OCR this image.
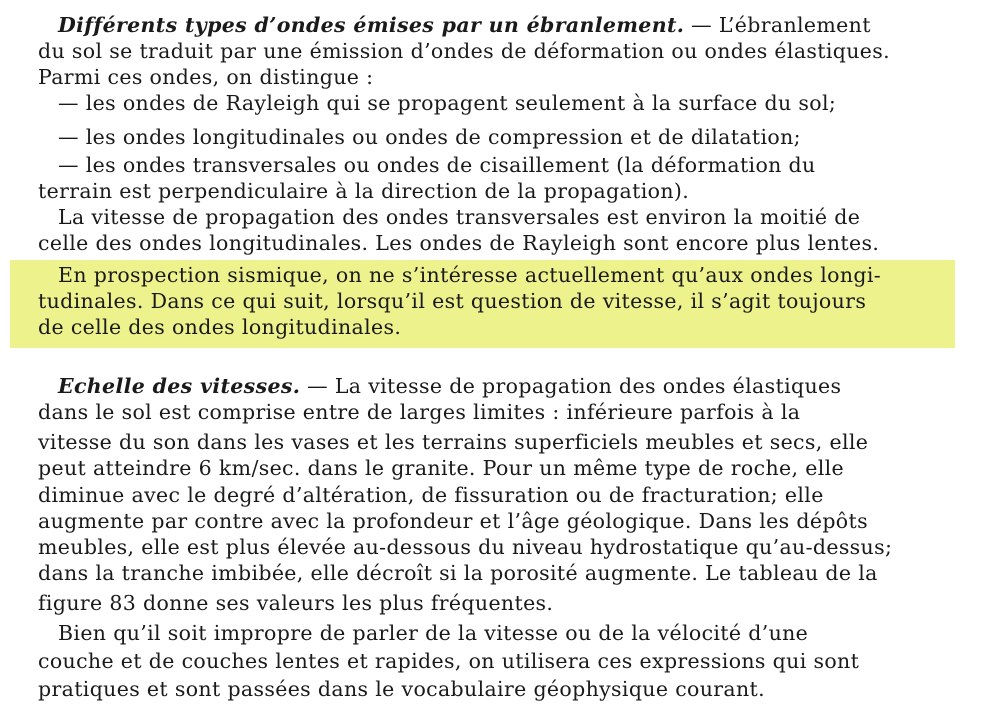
Différents types d’ondes émises par un ébranlement. — L’ébranlement
du sol se traduit par une émission d’ondes de déformation ou ondes élastiques.
Parmi ces ondes, on distingue :
— les ondes de Rayleigh qui se propagent seulement à la surface du sol;
— les ondes longitudinales ou ondes de compression et de dilatation;
— les ondes transversales ou ondes de cisaillement (la déformation du
terrain est perpendiculaire à la direction de la propagation).
La vitesse de propagation des ondes transversales est environ la moitié de
celle des ondes longitudinales. Les ondes de Rayleigh sont encore plus lentes.
En prospection sismique, on ne s’intéresse actuellement qu’aux ondes longi-
tudinales. Dans ce qui suit, lorsqu’il est question de vitesse, il s’agit toujours
de celle des ondes longitudinales.
Echelle des vitesses. — La vitesse de propagation des ondes élastiques
dans le sol est comprise entre de larges limites : inférieure parfois à la
vitesse du son dans les vases et les terrains superficiels meubles et secs, elle
peut atteindre 6 km/sec. dans le granite. Pour un même type de roche, elle
diminue avec le degré d’altération, de fissuration ou de fracturation; elle
augmente par contre avec la profondeur et l’âge géologique. Dans les dépôts
meubles, elle est plus élevée au-dessous du niveau hydrostatique qu’au-dessus;
dans la tranche imbibée, elle décroît si la porosité augmente. Le tableau de la
figure 83 donne ses valeurs les plus fréquentes.
Bien qu’il soit impropre de parler de la vitesse ou de la vélocité d’une
couche et de couches lentes et rapides, on utilisera ces expressions qui sont
pratiques et sont passées dans le vocabulaire géophysique courant.
